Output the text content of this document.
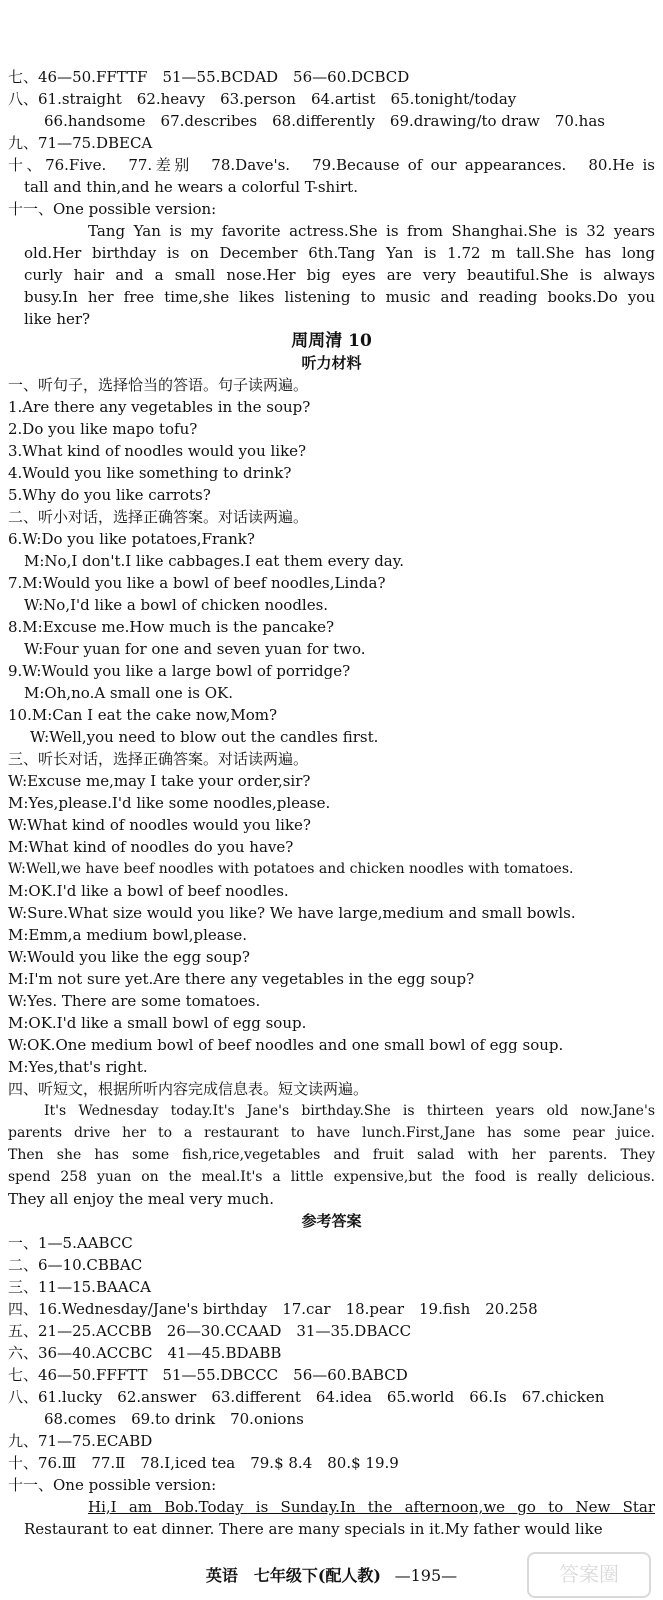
七、46—50.FFTTF　51—55.BCDAD　56—60.DCBCD
八、61.straight　62.heavy　63.person　64.artist　65.tonight/today
66.handsome　67.describes　68.differently　69.drawing/to draw　70.has
九、71—75.DBECA
十、76.Five.　77.差别　78.Dave's.　79.Because of our appearances.　80.He is
tall and thin,and he wears a colorful T-shirt.
十一、One possible version:
Tang Yan is my favorite actress.She is from Shanghai.She is 32 years
old.Her birthday is on December 6th.Tang Yan is 1.72 m tall.She has long
curly hair and a small nose.Her big eyes are very beautiful.She is always
busy.In her free time,she likes listening to music and reading books.Do you
like her?
周周清 10
听力材料
一、听句子，选择恰当的答语。句子读两遍。
1.Are there any vegetables in the soup?
2.Do you like mapo tofu?
3.What kind of noodles would you like?
4.Would you like something to drink?
5.Why do you like carrots?
二、听小对话，选择正确答案。对话读两遍。
6.W:Do you like potatoes,Frank?
M:No,I don't.I like cabbages.I eat them every day.
7.M:Would you like a bowl of beef noodles,Linda?
W:No,I'd like a bowl of chicken noodles.
8.M:Excuse me.How much is the pancake?
W:Four yuan for one and seven yuan for two.
9.W:Would you like a large bowl of porridge?
M:Oh,no.A small one is OK.
10.M:Can I eat the cake now,Mom?
W:Well,you need to blow out the candles first.
三、听长对话，选择正确答案。对话读两遍。
W:Excuse me,may I take your order,sir?
M:Yes,please.I'd like some noodles,please.
W:What kind of noodles would you like?
M:What kind of noodles do you have?
W:Well,we have beef noodles with potatoes and chicken noodles with tomatoes.
M:OK.I'd like a bowl of beef noodles.
W:Sure.What size would you like? We have large,medium and small bowls.
M:Emm,a medium bowl,please.
W:Would you like the egg soup?
M:I'm not sure yet.Are there any vegetables in the egg soup?
W:Yes. There are some tomatoes.
M:OK.I'd like a small bowl of egg soup.
W:OK.One medium bowl of beef noodles and one small bowl of egg soup.
M:Yes,that's right.
四、听短文，根据所听内容完成信息表。短文读两遍。
It's Wednesday today.It's Jane's birthday.She is thirteen years old now.Jane's
parents drive her to a restaurant to have lunch.First,Jane has some pear juice.
Then she has some fish,rice,vegetables and fruit salad with her parents. They
spend 258 yuan on the meal.It's a little expensive,but the food is really delicious.
They all enjoy the meal very much.
参考答案
一、1—5.AABCC
二、6—10.CBBAC
三、11—15.BAACA
四、16.Wednesday/Jane's birthday　17.car　18.pear　19.fish　20.258
五、21—25.ACCBB　26—30.CCAAD　31—35.DBACC
六、36—40.ACCBC　41—45.BDABB
七、46—50.FFFTT　51—55.DBCCC　56—60.BABCD
八、61.lucky　62.answer　63.different　64.idea　65.world　66.Is　67.chicken
68.comes　69.to drink　70.onions
九、71—75.ECABD
十、76.Ⅲ　77.Ⅱ　78.Ⅰ,iced tea　79.$ 8.4　80.$ 19.9
十一、One possible version:
Hi,I am Bob.Today is Sunday.In the afternoon,we go to New Star
Restaurant to eat dinner. There are many specials in it.My father would like
英语　七年级下(配人教) —195—	答案圈
